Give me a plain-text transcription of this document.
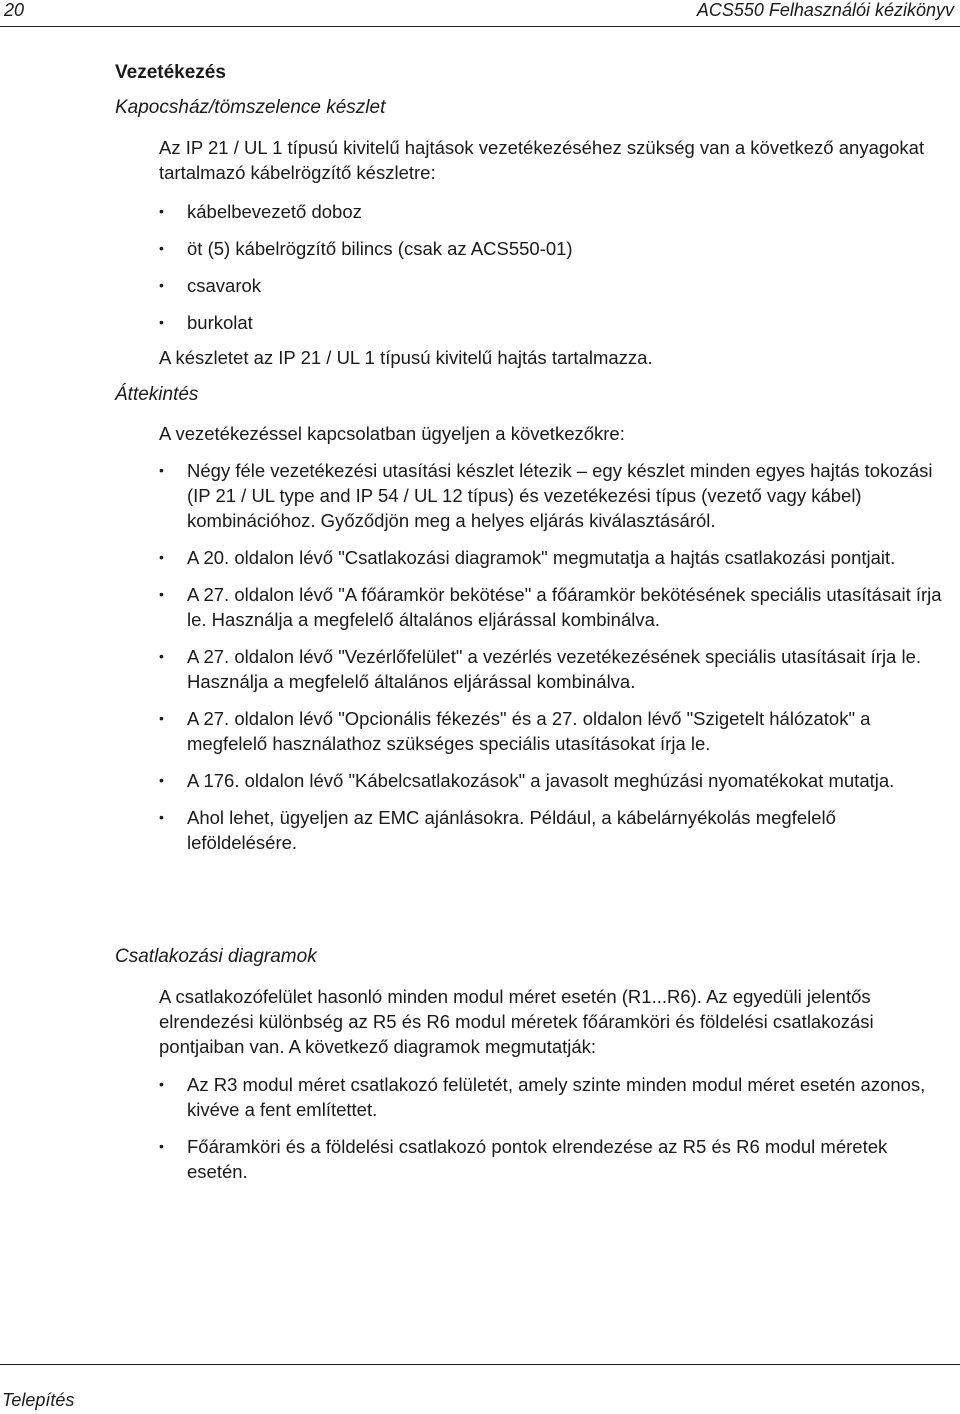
20	ACS550 Felhasználói kézikönyv
Vezetékezés
Kapocsház/tömszelence készlet

Az IP 21 / UL 1 típusú kivitelű hajtások vezetékezéséhez szükség van a következő anyagokat tartalmazó kábelrögzítő készletre:

•	kábelbevezető doboz
•	öt (5) kábelrögzítő bilincs (csak az ACS550-01)
•	csavarok
•	burkolat

A készletet az IP 21 / UL 1 típusú kivitelű hajtás tartalmazza.

Áttekintés

A vezetékezéssel kapcsolatban ügyeljen a következőkre:

•	Négy féle vezetékezési utasítási készlet létezik – egy készlet minden egyes hajtás tokozási (IP 21 / UL type and IP 54 / UL 12 típus) és vezetékezési típus (vezető vagy kábel) kombinációhoz. Győződjön meg a helyes eljárás kiválasztásáról.
•	A 20. oldalon lévő "Csatlakozási diagramok" megmutatja a hajtás csatlakozási pontjait.
•	A 27. oldalon lévő "A főáramkör bekötése" a főáramkör bekötésének speciális utasításait írja le. Használja a megfelelő általános eljárással kombinálva.
•	A 27. oldalon lévő "Vezérlőfelület" a vezérlés vezetékezésének speciális utasításait írja le. Használja a megfelelő általános eljárással kombinálva.
•	A 27. oldalon lévő "Opcionális fékezés" és a 27. oldalon lévő "Szigetelt hálózatok" a megfelelő használathoz szükséges speciális utasításokat írja le.
•	A 176. oldalon lévő "Kábelcsatlakozások" a javasolt meghúzási nyomatékokat mutatja.
•	Ahol lehet, ügyeljen az EMC ajánlásokra. Például, a kábelárnyékolás megfelelő leföldelésére.
Csatlakozási diagramok

A csatlakozófelület hasonló minden modul méret esetén (R1...R6). Az egyedüli jelentős elrendezési különbség az R5 és R6 modul méretek főáramköri és földelési csatlakozási pontjaiban van. A következő diagramok megmutatják:

•	Az R3 modul méret csatlakozó felületét, amely szinte minden modul méret esetén azonos, kivéve a fent említettet.
•	Főáramköri és a földelési csatlakozó pontok elrendezése az R5 és R6 modul méretek esetén.
Telepítés
